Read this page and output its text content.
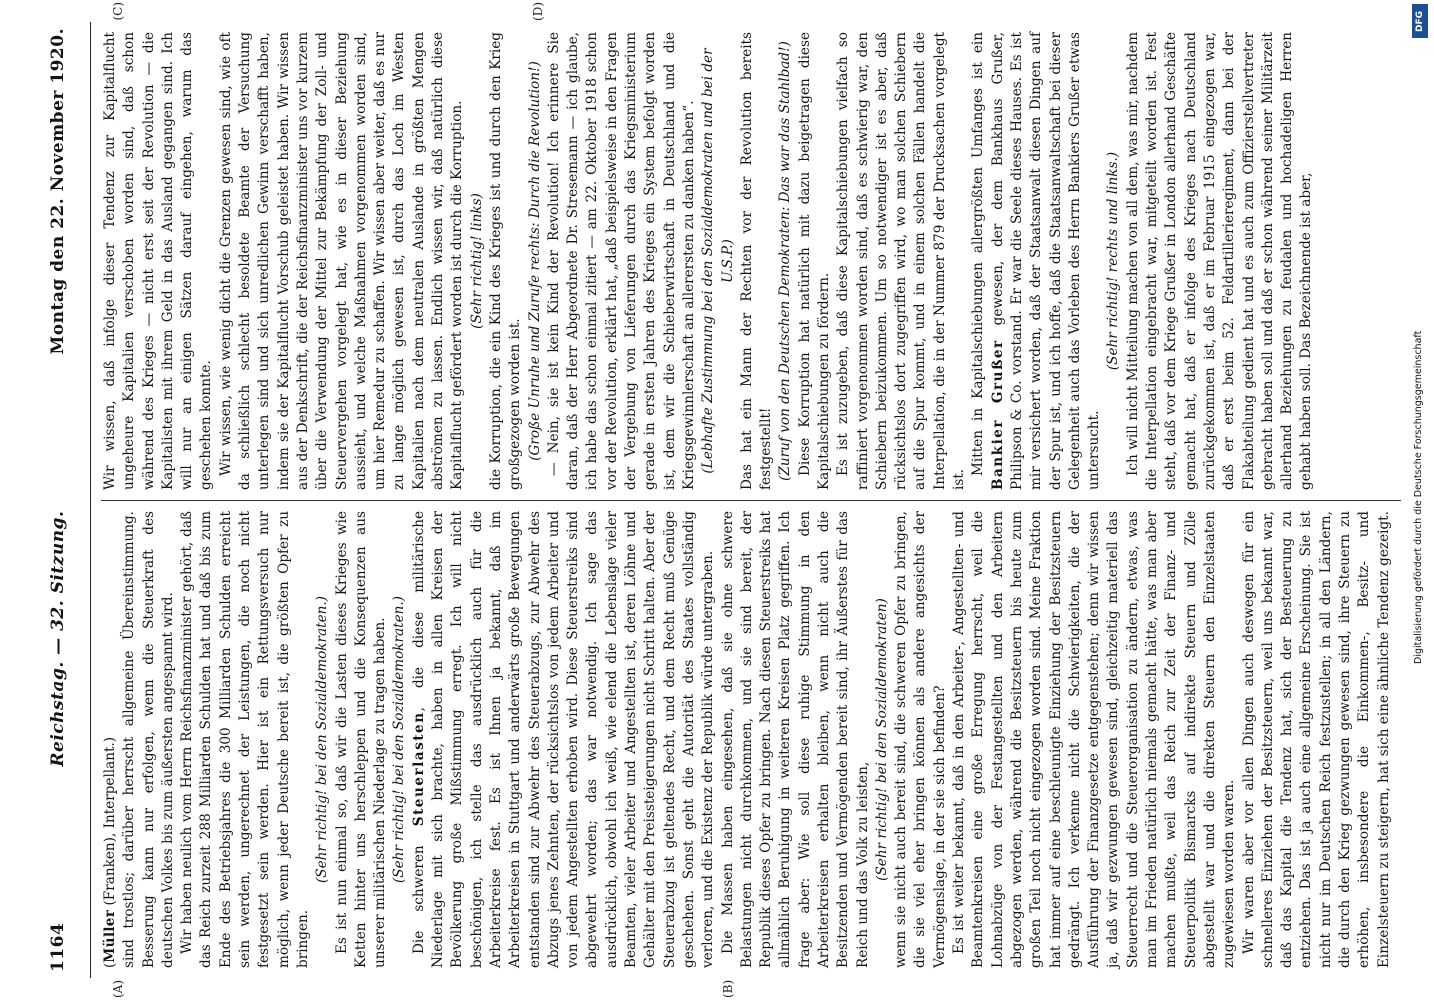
1164
Reichstag. — 32. Sitzung.
Montag den 22. November 1920.
(A)	(B)
(C)	(D)

(Müller (Franken), Interpellant.) sind trostlos; darüber herrscht allgemeine Übereinstimmung. Besserung kann nur erfolgen, wenn die Steuerkraft des deutschen Volkes bis zum äußersten angespannt wird. Wir haben neulich vom Herrn Reichsfinanzminister gehört, daß das Reich zurzeit 288 Milliarden Schulden hat und daß bis zum Ende des Betriebsjahres die 300 Milliarden Schulden erreicht sein werden, ungerechnet der Leistungen, die noch nicht festgesetzt sein werden. Hier ist ein Rettungsversuch nur möglich, wenn jeder Deutsche bereit ist, die größten Opfer zu bringen.

(Sehr richtig! bei den Sozialdemokraten.) Es ist nun einmal so, daß wir die Lasten dieses Krieges wie Ketten hinter uns herschleppen und die Konsequenzen aus unserer militärischen Niederlage zu tragen haben. (Sehr richtig! bei den Sozialdemokraten.)

Die schweren Steuerlasten, die diese militärische Niederlage mit sich brachte, haben in allen Kreisen der Bevölkerung große Mißstimmung erregt. Ich will nicht beschönigen, ich stelle das ausdrücklich auch für die Arbeiterkreise fest. Es ist Ihnen ja bekannt, daß im Arbeiterkreisen in Stuttgart und anderwärts große Bewegungen entstanden sind zur Abwehr des Steuerabzugs, zur Abwehr des Abzugs jenes Zehnten, der rücksichtslos von jedem Arbeiter und von jedem Angestellten erhoben wird. Diese Steuerstreiks sind abgewehrt worden; das war notwendig. Ich sage das ausdrücklich, obwohl ich weiß, wie elend die Lebenslage vieler Beamten, vieler Arbeiter und Angestellten ist, deren Löhne und Gehälter mit den Preissteigerungen nicht Schritt halten. Aber der Steuerabzug ist geltendes Recht, und dem Recht muß Genüge geschehen. Sonst geht die Autorität des Staates vollständig verloren, und die Existenz der Republik würde untergraben. Die Massen haben eingesehen, daß sie ohne schwere Belastungen nicht durchkommen, und sie sind bereit, der Republik dieses Opfer zu bringen. Nach diesen Steuerstreiks hat allmählich Beruhigung in weiteren Kreisen Platz gegriffen. Ich frage aber: Wie soll diese ruhige Stimmung in den Arbeiterkreisen erhalten bleiben, wenn nicht auch die Besitzenden und Vermögenden bereit sind, ihr Äußerstes für das Reich und das Volk zu leisten, (Sehr richtig! bei den Sozialdemokraten) wenn sie nicht auch bereit sind, die schweren Opfer zu bringen, die sie viel eher bringen können als andere angesichts der Vermögenslage, in der sie sich befinden? Es ist weiter bekannt, daß in den Arbeiter-, Angestellten- und Beamtenkreisen eine große Erregung herrscht, weil die Lohnabzüge von der Festangestellten und den Arbeitern abgezogen werden, während die Besitzsteuern bis heute zum großen Teil noch nicht eingezogen worden sind. Meine Fraktion hat immer auf eine beschleunigte Einziehung der Besitzsteuern gedrängt. Ich verkenne nicht die Schwierigkeiten, die der Ausführung der Finanzgesetze entgegenstehen; denn wir wissen ja, daß wir gezwungen gewesen sind, gleichzeitig materiell das Steuerrecht und die Steuerorganisation zu ändern, etwas, was man im Frieden natürlich niemals gemacht hätte, was man aber machen mußte, weil das Reich zur Zeit der Finanz- und Steuerpolitik Bismarcks auf indirekte Steuern und Zölle abgestellt war und die direkten Steuern den Einzelstaaten zugewiesen worden waren. Wir waren aber vor allen Dingen auch deswegen für ein schnelleres Einziehen der Besitzsteuern, weil uns bekannt war, daß das Kapital die Tendenz hat, sich der Besteuerung zu entziehen. Das ist ja auch eine allgemeine Erscheinung. Sie ist nicht nur im Deutschen Reich festzustellen; in all den Ländern, die durch den Krieg gezwungen gewesen sind, ihre Steuern zu erhöhen, insbesondere die Einkommen-, Besitz- und Einzelsteuern zu steigern, hat sich eine ähnliche Tendenz gezeigt.

Wir wissen, daß infolge dieser Tendenz zur Kapitalflucht ungeheure Kapitalien verschoben worden sind, daß schon während des Krieges — nicht erst seit der Revolution — die Kapitalisten mit ihrem Geld in das Ausland gegangen sind. Ich will nur an einigen Sätzen darauf eingehen, warum das geschehen konnte. Wir wissen, wie wenig dicht die Grenzen gewesen sind, wie oft da schließlich schlecht besoldete Beamte der Versuchung unterlegen sind und sich unredlichen Gewinn verschafft haben, indem sie der Kapitalflucht Vorschub geleistet haben. Wir wissen aus der Denkschrift, die der Reichsfinanzminister uns vor kurzem über die Verwendung der Mittel zur Bekämpfung der Zoll- und Steuervergehen vorgelegt hat, wie es in dieser Beziehung aussieht, und welche Maßnahmen vorgenommen worden sind, um hier Remedur zu schaffen. Wir wissen aber weiter, daß es nur zu lange möglich gewesen ist, durch das Loch im Westen Kapitalien nach dem neutralen Auslande in größten Mengen abströmen zu lassen. Endlich wissen wir, daß natürlich diese Kapitalflucht gefördert worden ist durch die Korruption. (Sehr richtig! links) die Korruption, die ein Kind des Krieges ist und durch den Krieg großgezogen worden ist. (Große Unruhe und Zurufe rechts: Durch die Revolution!) — Nein, sie ist kein Kind der Revolution! Ich erinnere Sie daran, daß der Herr Abgeordnete Dr. Stresemann — ich glaube, ich habe das schon einmal zitiert — am 22. Oktober 1918 schon vor der Revolution, erklärt hat, „daß beispielsweise in den Fragen der Vergebung von Lieferungen durch das Kriegsministerium gerade in ersten Jahren des Krieges ein System befolgt worden ist, dem wir die Schieberwirtschaft in Deutschland und die Kriegsgewinnlerschaft an allerersten zu danken haben“. (Lebhafte Zustimmung bei den Sozialdemokraten und bei der U.S.P.) Das hat ein Mann der Rechten vor der Revolution bereits festgestellt! (Zuruf von den Deutschen Demokraten: Das war das Stahlbad!) Diese Korruption hat natürlich mit dazu beigetragen diese Kapitalschiebungen zu fördern. Es ist zuzugeben, daß diese Kapitalschiebungen vielfach so raffiniert vorgenommen worden sind, daß es schwierig war, den Schiebern beizukommen. Um so notwendiger ist es aber, daß rücksichtslos dort zugegriffen wird, wo man solchen Schiebern auf die Spur kommt, und in einem solchen Fällen handelt die Interpellation, die in der Nummer 879 der Drucksachen vorgelegt ist.

Mitten in Kapitalschiebungen allergrößten Umfanges ist ein Bankier Grußer gewesen, der dem Bankhaus Grußer, Philipson & Co. vorstand. Er war die Seele dieses Hauses. Es ist mir versichert worden, daß der Staatsanwalt diesen Dingen auf der Spur ist, und ich hoffe, daß die Staatsanwaltschaft bei dieser Gelegenheit auch das Vorleben des Herrn Bankiers Grußer etwas untersucht.

(Sehr richtig! rechts und links.) Ich will nicht Mitteilung machen von all dem, was mir, nachdem die Interpellation eingebracht war, mitgeteilt worden ist. Fest steht, daß vor dem Kriege Grußer in London allerhand Geschäfte gemacht hat, daß er infolge des Krieges nach Deutschland zurückgekommen ist, daß er im Februar 1915 eingezogen war, daß er erst beim 52. Feldartillerieregiment, dann bei der Flakabteilung gedient hat und es auch zum Offizierstellvertreter gebracht haben soll und daß er schon während seiner Militärzeit allerhand Beziehungen zu feudalen und hochadeligen Herren gehabt haben soll. Das Bezeichnende ist aber,

DFG
Digitalisierung gefördert durch die Deutsche Forschungsgemeinschaft
